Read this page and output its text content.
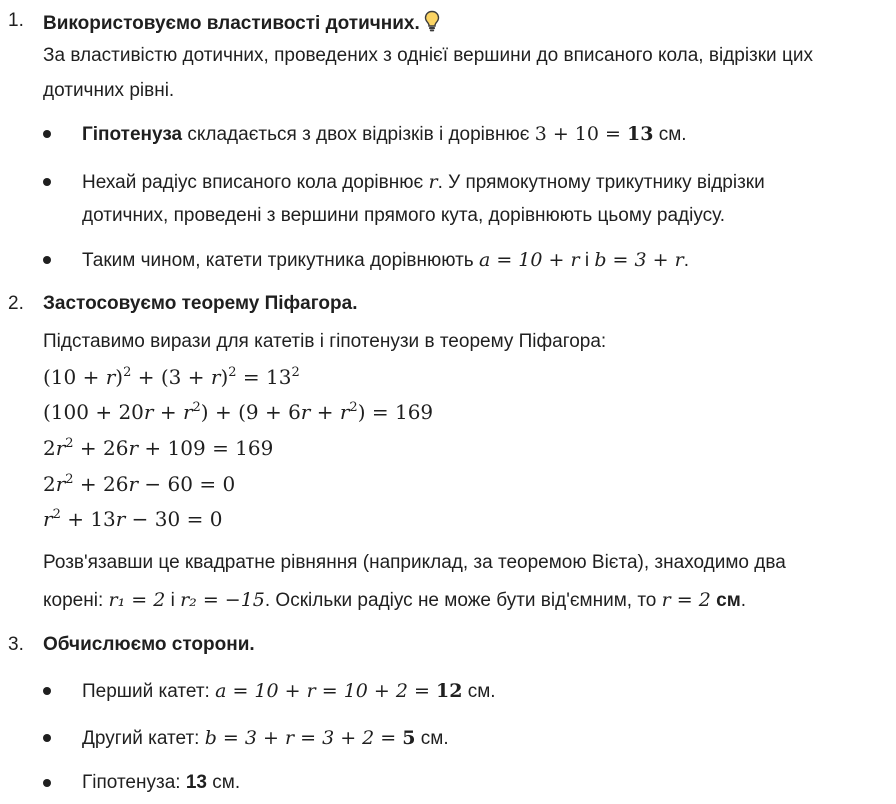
1. Використовуємо властивості дотичних.
За властивістю дотичних, проведених з однієї вершини до вписаного кола, відрізки цих
дотичних рівні.
Гіпотенуза складається з двох відрізків і дорівнює 3 + 10 = 13 см.
Нехай радіус вписаного кола дорівнює r. У прямокутному трикутнику відрізки
дотичних, проведені з вершини прямого кута, дорівнюють цьому радіусу.
Таким чином, катети трикутника дорівнюють a = 10 + r і b = 3 + r.
2. Застосовуємо теорему Піфагора.
Підставимо вирази для катетів і гіпотенузи в теорему Піфагора:
$(10 + r)^2 + (3 + r)^2 = 13^2$
$(100 + 20r + r^2) + (9 + 6r + r^2) = 169$
$2r^2 + 26r + 109 = 169$
$2r^2 + 26r - 60 = 0$
$r^2 + 13r - 30 = 0$
Розв'язавши це квадратне рівняння (наприклад, за теоремою Вієта), знаходимо два
корені: r₁ = 2 і r₂ = −15. Оскільки радіус не може бути від'ємним, то r = 2 см.
3. Обчислюємо сторони.
Перший катет: a = 10 + r = 10 + 2 = 12 см.
Другий катет: b = 3 + r = 3 + 2 = 5 см.
Гіпотенуза: 13 см.
